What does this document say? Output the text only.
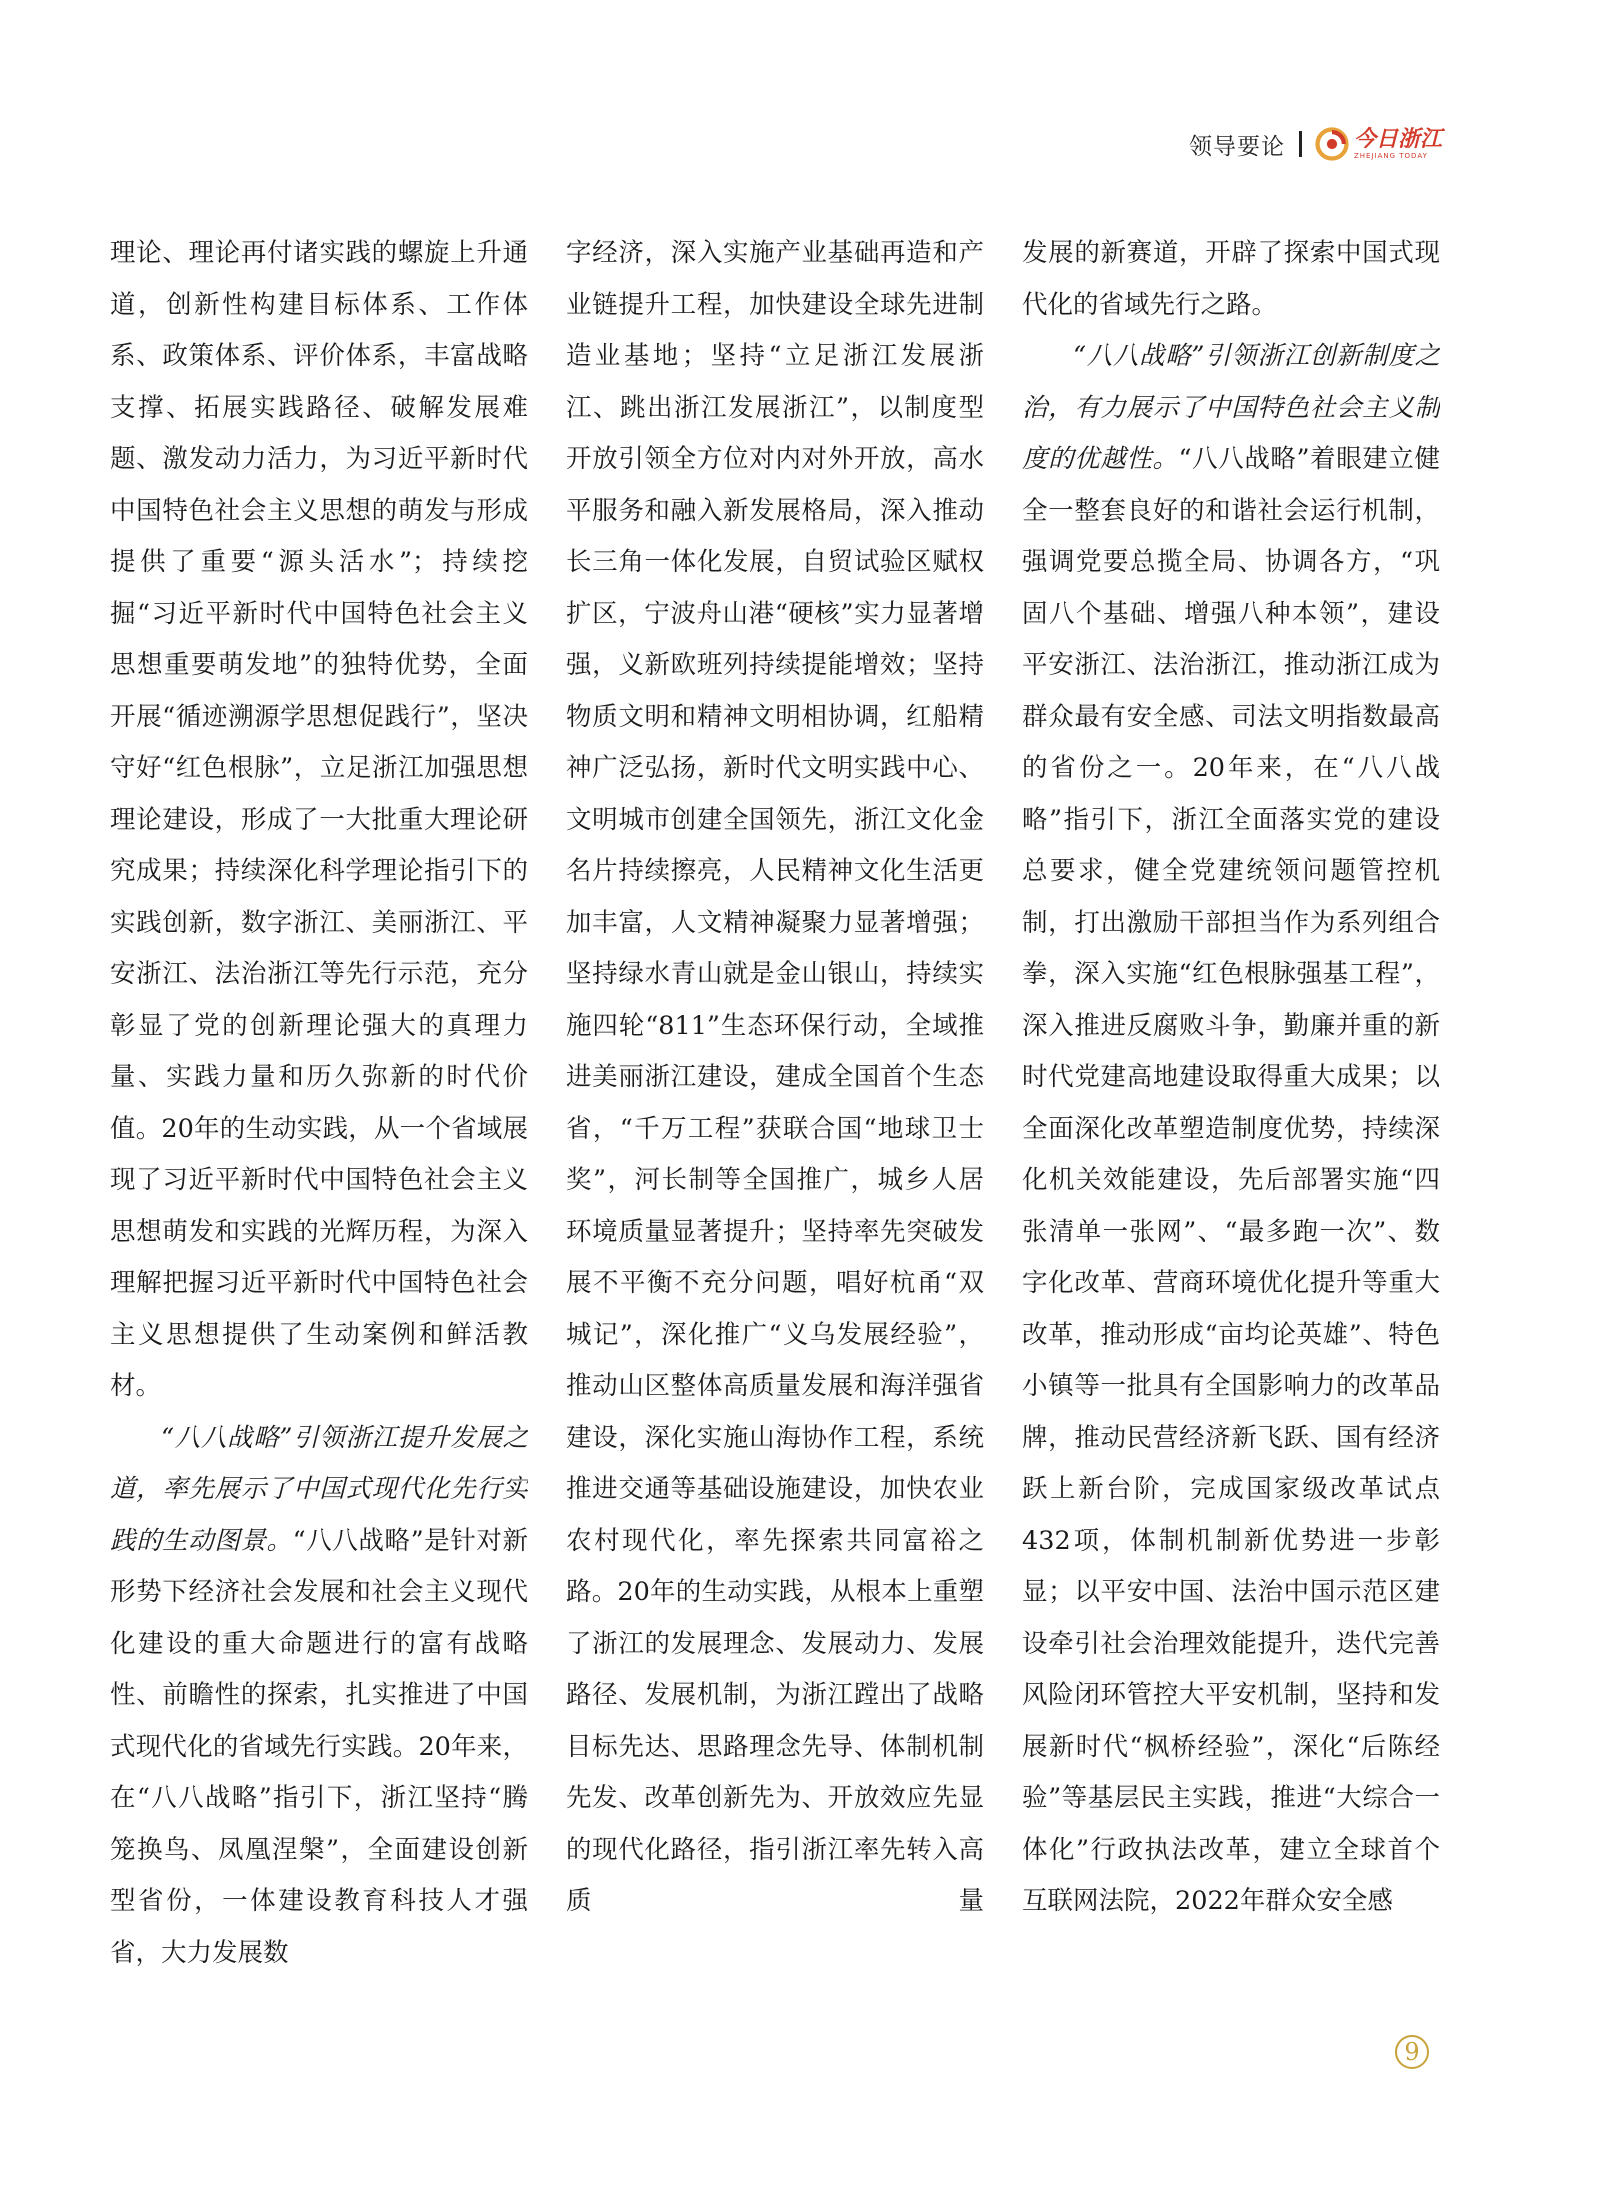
领导要论	今日浙江
ZHEJIANG TODAY

理论、理论再付诸实践的螺旋上升通道，创新性构建目标体系、工作体系、政策体系、评价体系，丰富战略支撑、拓展实践路径、破解发展难题、激发动力活力，为习近平新时代中国特色社会主义思想的萌发与形成提供了重要“源头活水”；持续挖掘“习近平新时代中国特色社会主义思想重要萌发地”的独特优势，全面开展“循迹溯源学思想促践行”，坚决守好“红色根脉”，立足浙江加强思想理论建设，形成了一大批重大理论研究成果；持续深化科学理论指引下的实践创新，数字浙江、美丽浙江、平安浙江、法治浙江等先行示范，充分彰显了党的创新理论强大的真理力量、实践力量和历久弥新的时代价值。20年的生动实践，从一个省域展现了习近平新时代中国特色社会主义思想萌发和实践的光辉历程，为深入理解把握习近平新时代中国特色社会主义思想提供了生动案例和鲜活教材。

“八八战略”引领浙江提升发展之道，率先展示了中国式现代化先行实践的生动图景。

“八八战略”是针对新形势下经济社会发展和社会主义现代化建设的重大命题进行的富有战略性、前瞻性的探索，扎实推进了中国式现代化的省域先行实践。20年来，在“八八战略”指引下，浙江坚持“腾笼换鸟、凤凰涅槃”，全面建设创新型省份，一体建设教育科技人才强省，大力发展数

字经济，深入实施产业基础再造和产业链提升工程，加快建设全球先进制造业基地；坚持“立足浙江发展浙江、跳出浙江发展浙江”，以制度型开放引领全方位对内对外开放，高水平服务和融入新发展格局，深入推动长三角一体化发展，自贸试验区赋权扩区，宁波舟山港“硬核”实力显著增强，义新欧班列持续提能增效；坚持物质文明和精神文明相协调，红船精神广泛弘扬，新时代文明实践中心、文明城市创建全国领先，浙江文化金名片持续擦亮，人民精神文化生活更加丰富，人文精神凝聚力显著增强；坚持绿水青山就是金山银山，持续实施四轮“811”生态环保行动，全域推进美丽浙江建设，建成全国首个生态省，“千万工程”获联合国“地球卫士奖”，河长制等全国推广，城乡人居环境质量显著提升；坚持率先突破发展不平衡不充分问题，唱好杭甬“双城记”，深化推广“义乌发展经验”，推动山区整体高质量发展和海洋强省建设，深化实施山海协作工程，系统推进交通等基础设施建设，加快农业农村现代化，率先探索共同富裕之路。20年的生动实践，从根本上重塑了浙江的发展理念、发展动力、发展路径、发展机制，为浙江蹚出了战略目标先达、思路理念先导、体制机制先发、改革创新先为、开放效应先显的现代化路径，指引浙江率先转入高质量

发展的新赛道，开辟了探索中国式现代化的省域先行之路。

“八八战略”引领浙江创新制度之治，有力展示了中国特色社会主义制度的优越性。

“八八战略”着眼建立健全一整套良好的和谐社会运行机制，强调党要总揽全局、协调各方，“巩固八个基础、增强八种本领”，建设平安浙江、法治浙江，推动浙江成为群众最有安全感、司法文明指数最高的省份之一。20年来，在“八八战略”指引下，浙江全面落实党的建设总要求，健全党建统领问题管控机制，打出激励干部担当作为系列组合拳，深入实施“红色根脉强基工程”，深入推进反腐败斗争，勤廉并重的新时代党建高地建设取得重大成果；以全面深化改革塑造制度优势，持续深化机关效能建设，先后部署实施“四张清单一张网”、“最多跑一次”、数字化改革、营商环境优化提升等重大改革，推动形成“亩均论英雄”、特色小镇等一批具有全国影响力的改革品牌，推动民营经济新飞跃、国有经济跃上新台阶，完成国家级改革试点432项，体制机制新优势进一步彰显；以平安中国、法治中国示范区建设牵引社会治理效能提升，迭代完善风险闭环管控大平安机制，坚持和发展新时代“枫桥经验”，深化“后陈经验”等基层民主实践，推进“大综合一体化”行政执法改革，建立全球首个互联网法院，2022年群众安全感

9
